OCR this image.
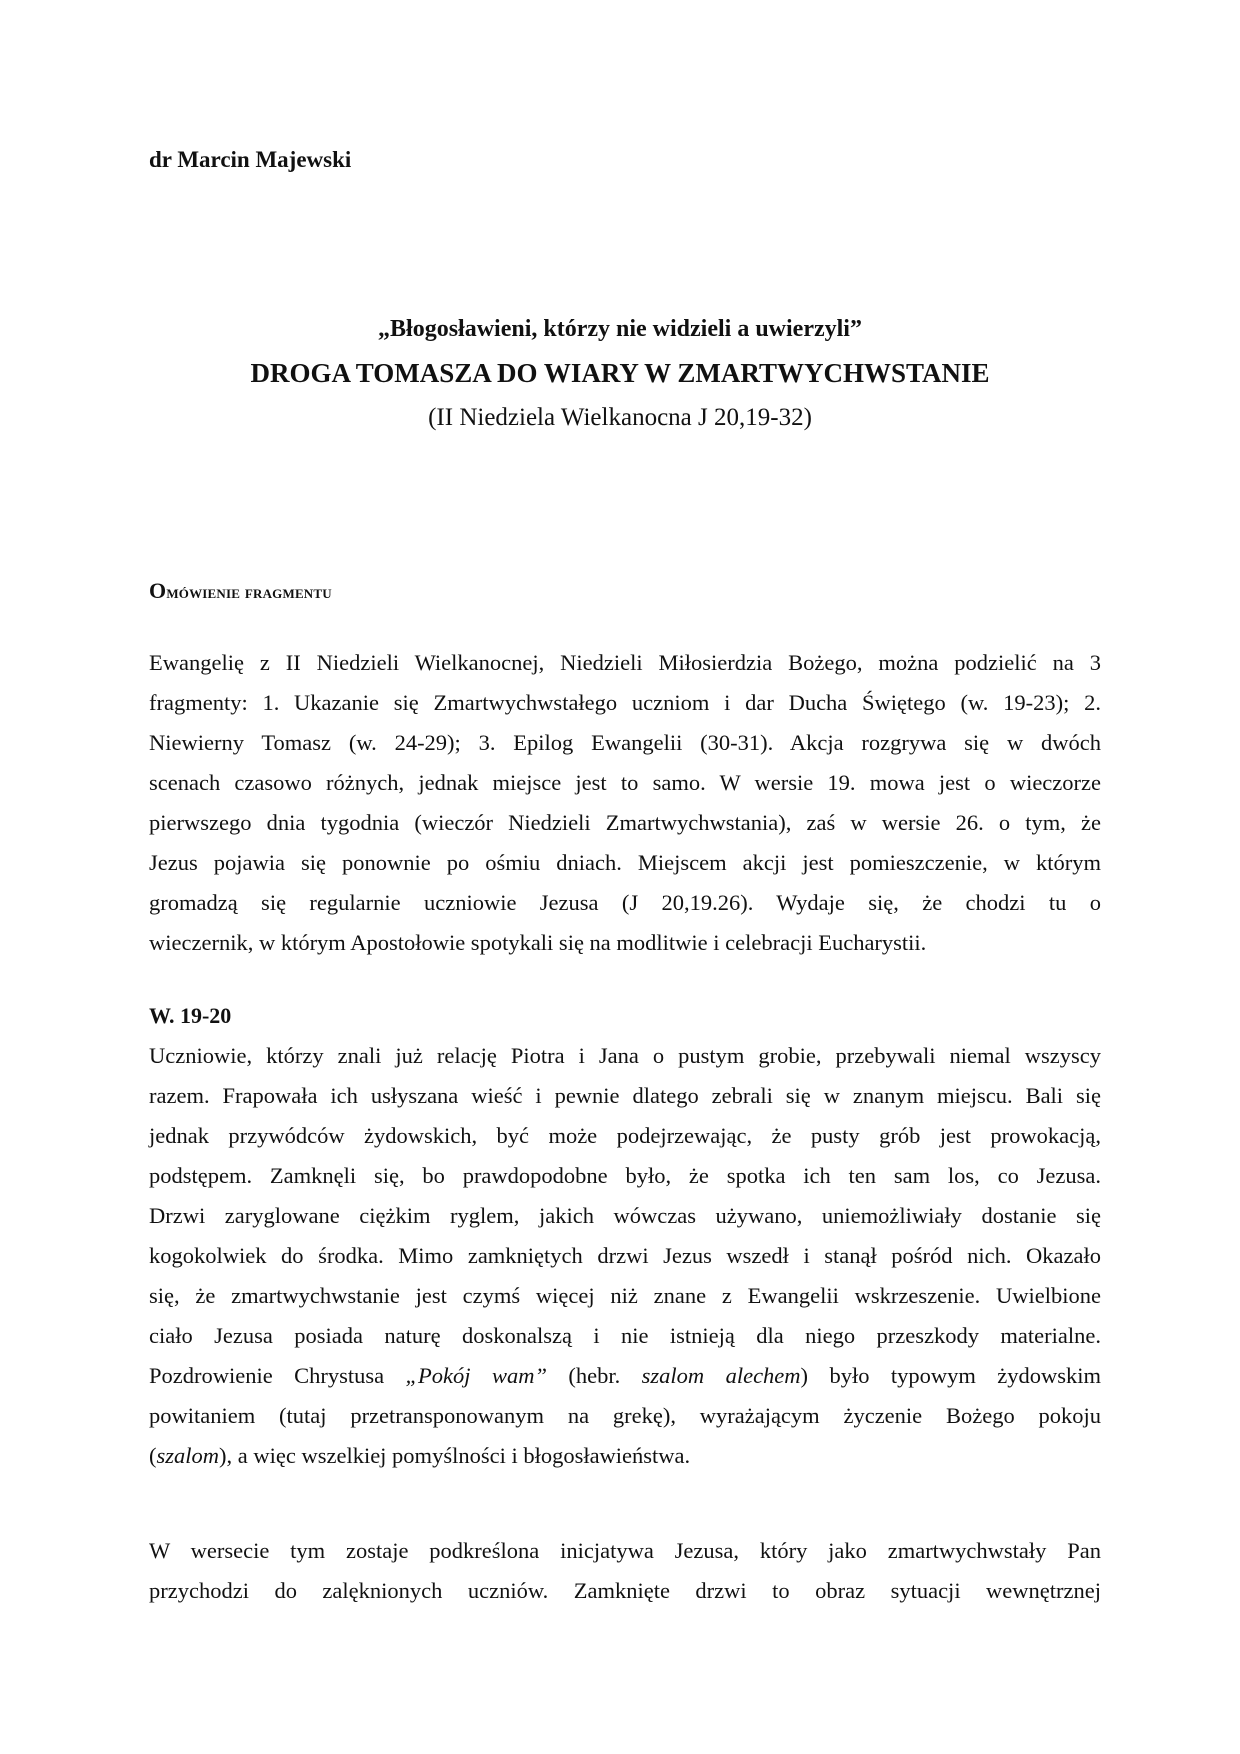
dr Marcin Majewski
„Błogosławieni, którzy nie widzieli a uwierzyli”
DROGA TOMASZA DO WIARY W ZMARTWYCHWSTANIE
(II Niedziela Wielkanocna J 20,19-32)
Omówienie fragmentu
Ewangelię z II Niedzieli Wielkanocnej, Niedzieli Miłosierdzia Bożego, można podzielić na 3
fragmenty: 1. Ukazanie się Zmartwychwstałego uczniom i dar Ducha Świętego (w. 19-23); 2.
Niewierny Tomasz (w. 24-29); 3. Epilog Ewangelii (30-31). Akcja rozgrywa się w dwóch
scenach czasowo różnych, jednak miejsce jest to samo. W wersie 19. mowa jest o wieczorze
pierwszego dnia tygodnia (wieczór Niedzieli Zmartwychwstania), zaś w wersie 26. o tym, że
Jezus pojawia się ponownie po ośmiu dniach. Miejscem akcji jest pomieszczenie, w którym
gromadzą się regularnie uczniowie Jezusa (J 20,19.26). Wydaje się, że chodzi tu o
wieczernik, w którym Apostołowie spotykali się na modlitwie i celebracji Eucharystii.
W. 19-20
Uczniowie, którzy znali już relację Piotra i Jana o pustym grobie, przebywali niemal wszyscy
razem. Frapowała ich usłyszana wieść i pewnie dlatego zebrali się w znanym miejscu. Bali się
jednak przywódców żydowskich, być może podejrzewając, że pusty grób jest prowokacją,
podstępem. Zamknęli się, bo prawdopodobne było, że spotka ich ten sam los, co Jezusa.
Drzwi zaryglowane ciężkim ryglem, jakich wówczas używano, uniemożliwiały dostanie się
kogokolwiek do środka. Mimo zamkniętych drzwi Jezus wszedł i stanął pośród nich. Okazało
się, że zmartwychwstanie jest czymś więcej niż znane z Ewangelii wskrzeszenie. Uwielbione
ciało Jezusa posiada naturę doskonalszą i nie istnieją dla niego przeszkody materialne.
Pozdrowienie Chrystusa „Pokój wam” (hebr. szalom alechem) było typowym żydowskim
powitaniem (tutaj przetransponowanym na grekę), wyrażającym życzenie Bożego pokoju
(szalom), a więc wszelkiej pomyślności i błogosławieństwa.
W wersecie tym zostaje podkreślona inicjatywa Jezusa, który jako zmartwychwstały Pan
przychodzi do zalęknionych uczniów. Zamknięte drzwi to obraz sytuacji wewnętrznej
